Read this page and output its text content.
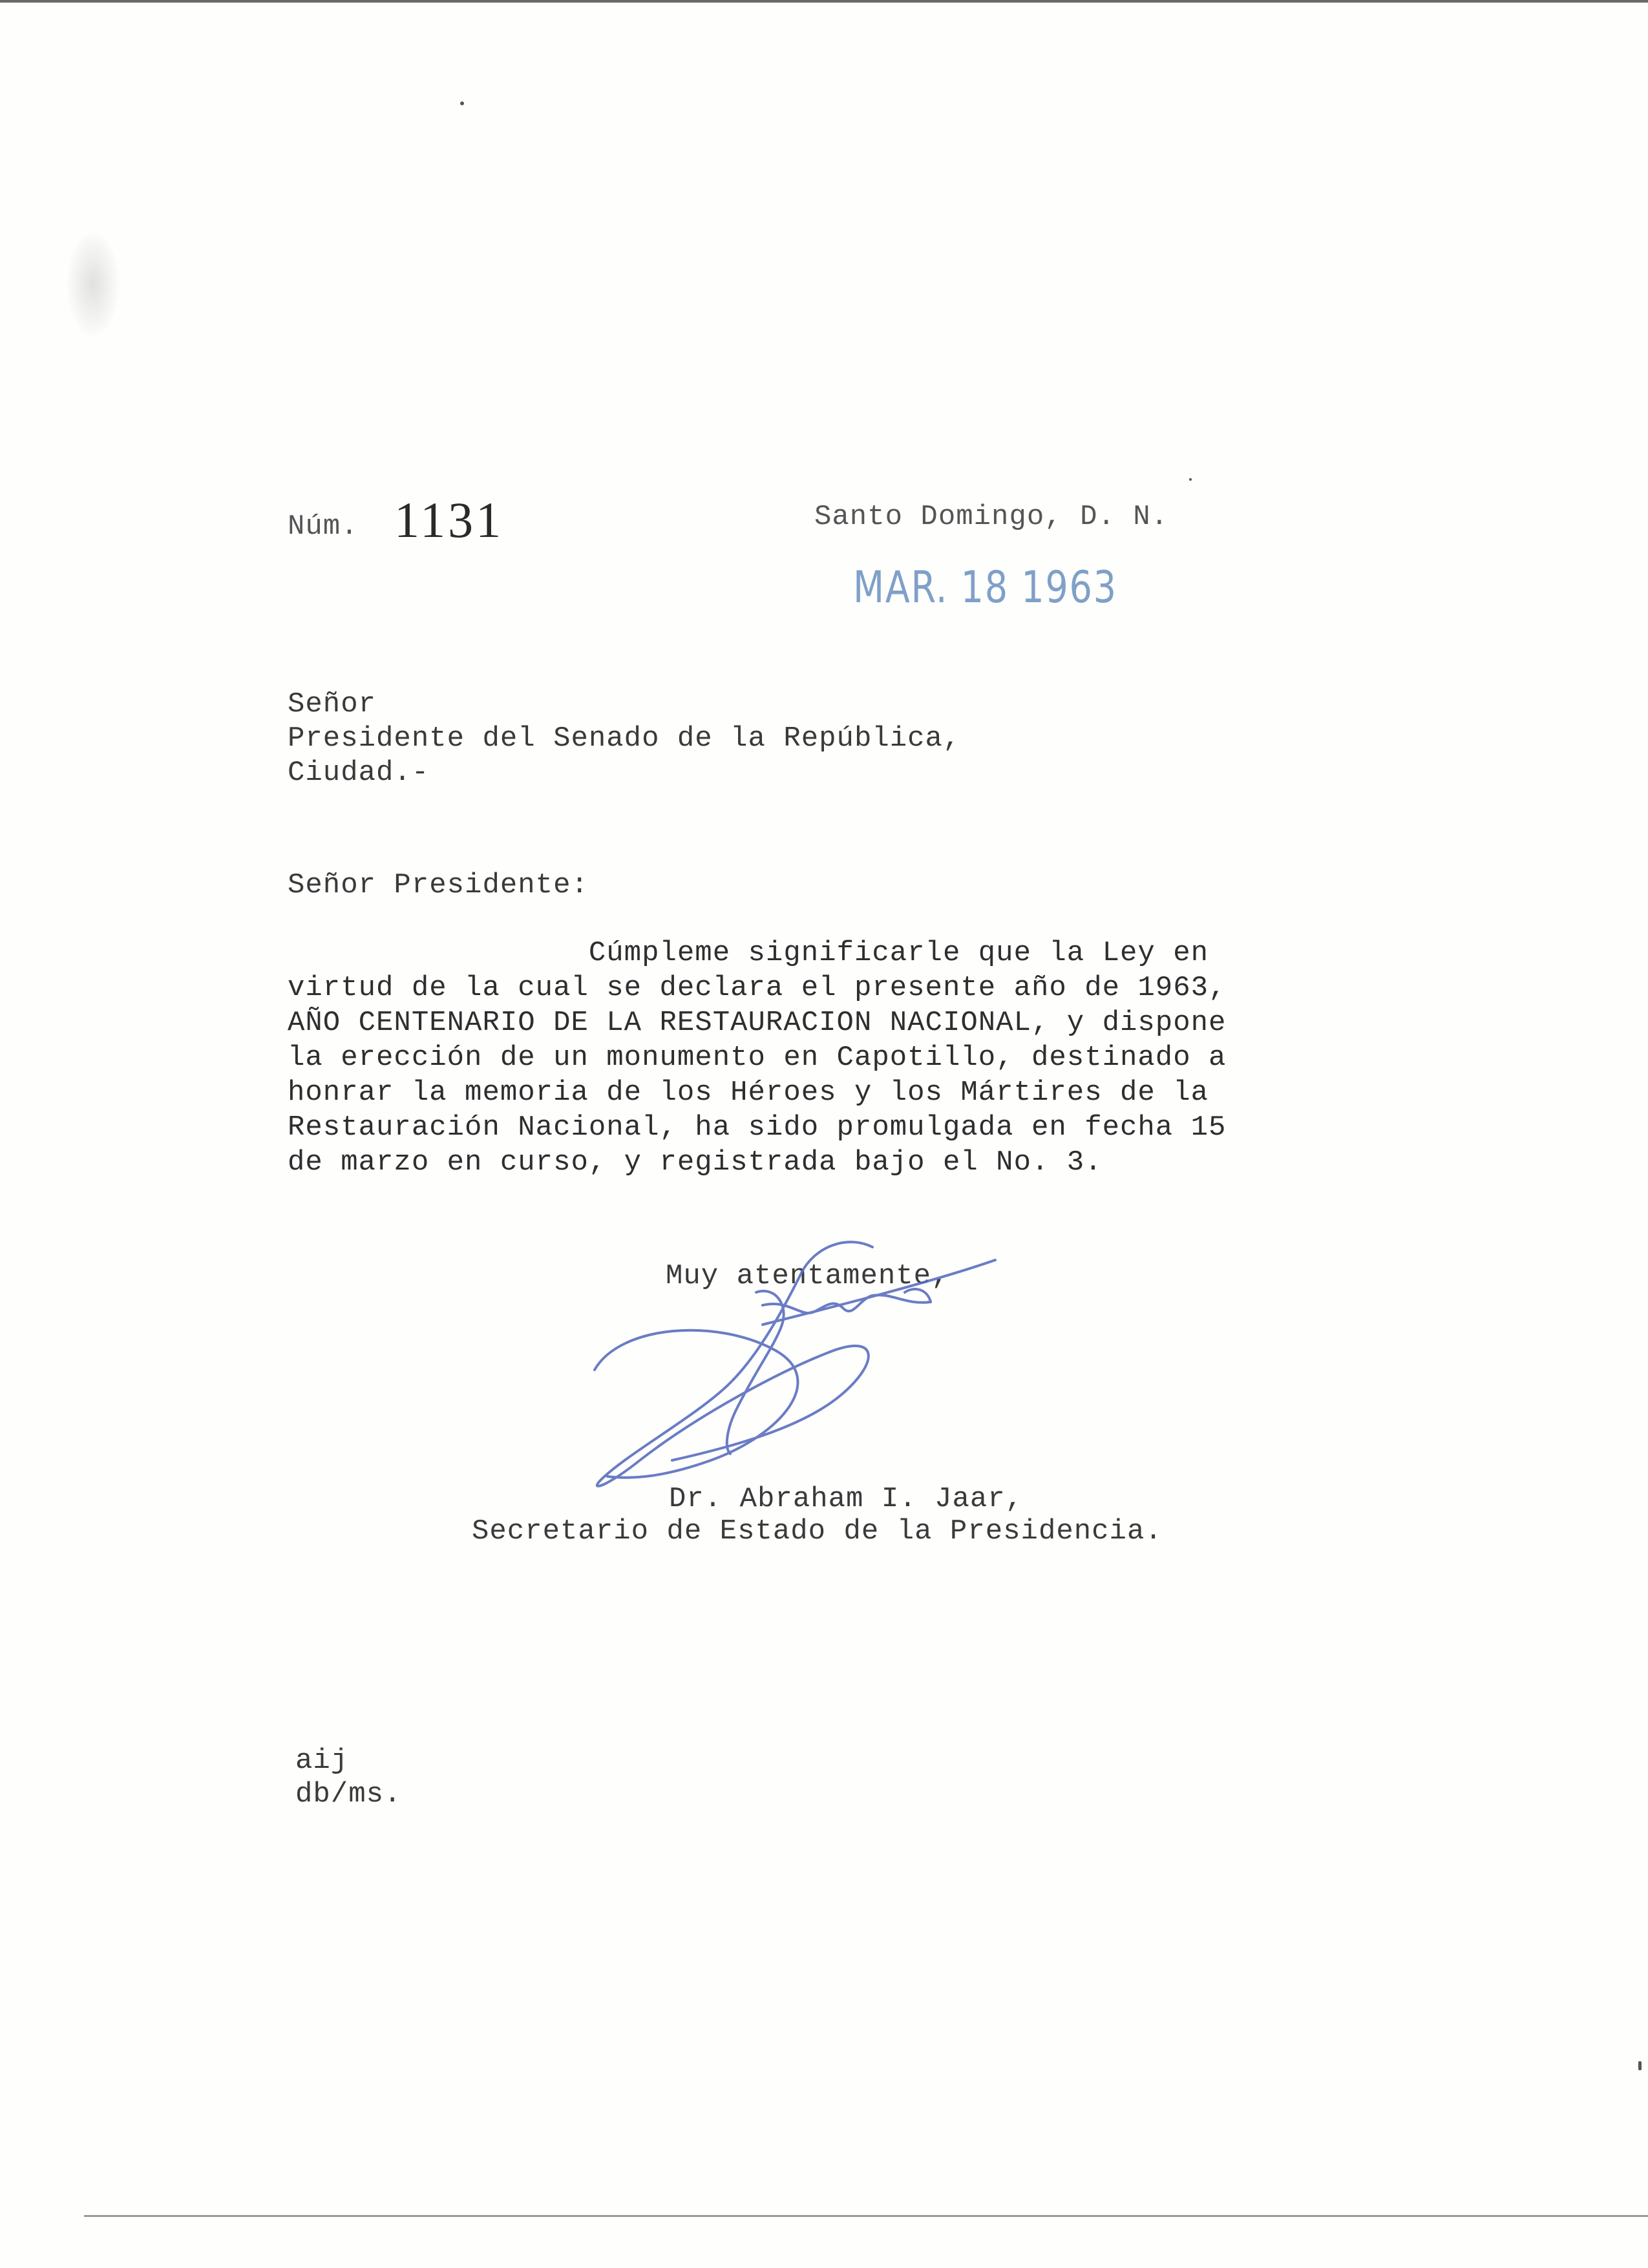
Núm. 1131	Santo Domingo, D. N.
MAR. 18 1963
Señor
Presidente del Senado de la República,
Ciudad.-
Señor Presidente:
Cúmpleme significarle que la Ley en
virtud de la cual se declara el presente año de 1963,
AÑO CENTENARIO DE LA RESTAURACION NACIONAL, y dispone
la erección de un monumento en Capotillo, destinado a
honrar la memoria de los Héroes y los Mártires de la
Restauración Nacional, ha sido promulgada en fecha 15
de marzo en curso, y registrada bajo el No. 3.
Muy atentamente,
Dr. Abraham I. Jaar,
Secretario de Estado de la Presidencia.
aij
db/ms.
